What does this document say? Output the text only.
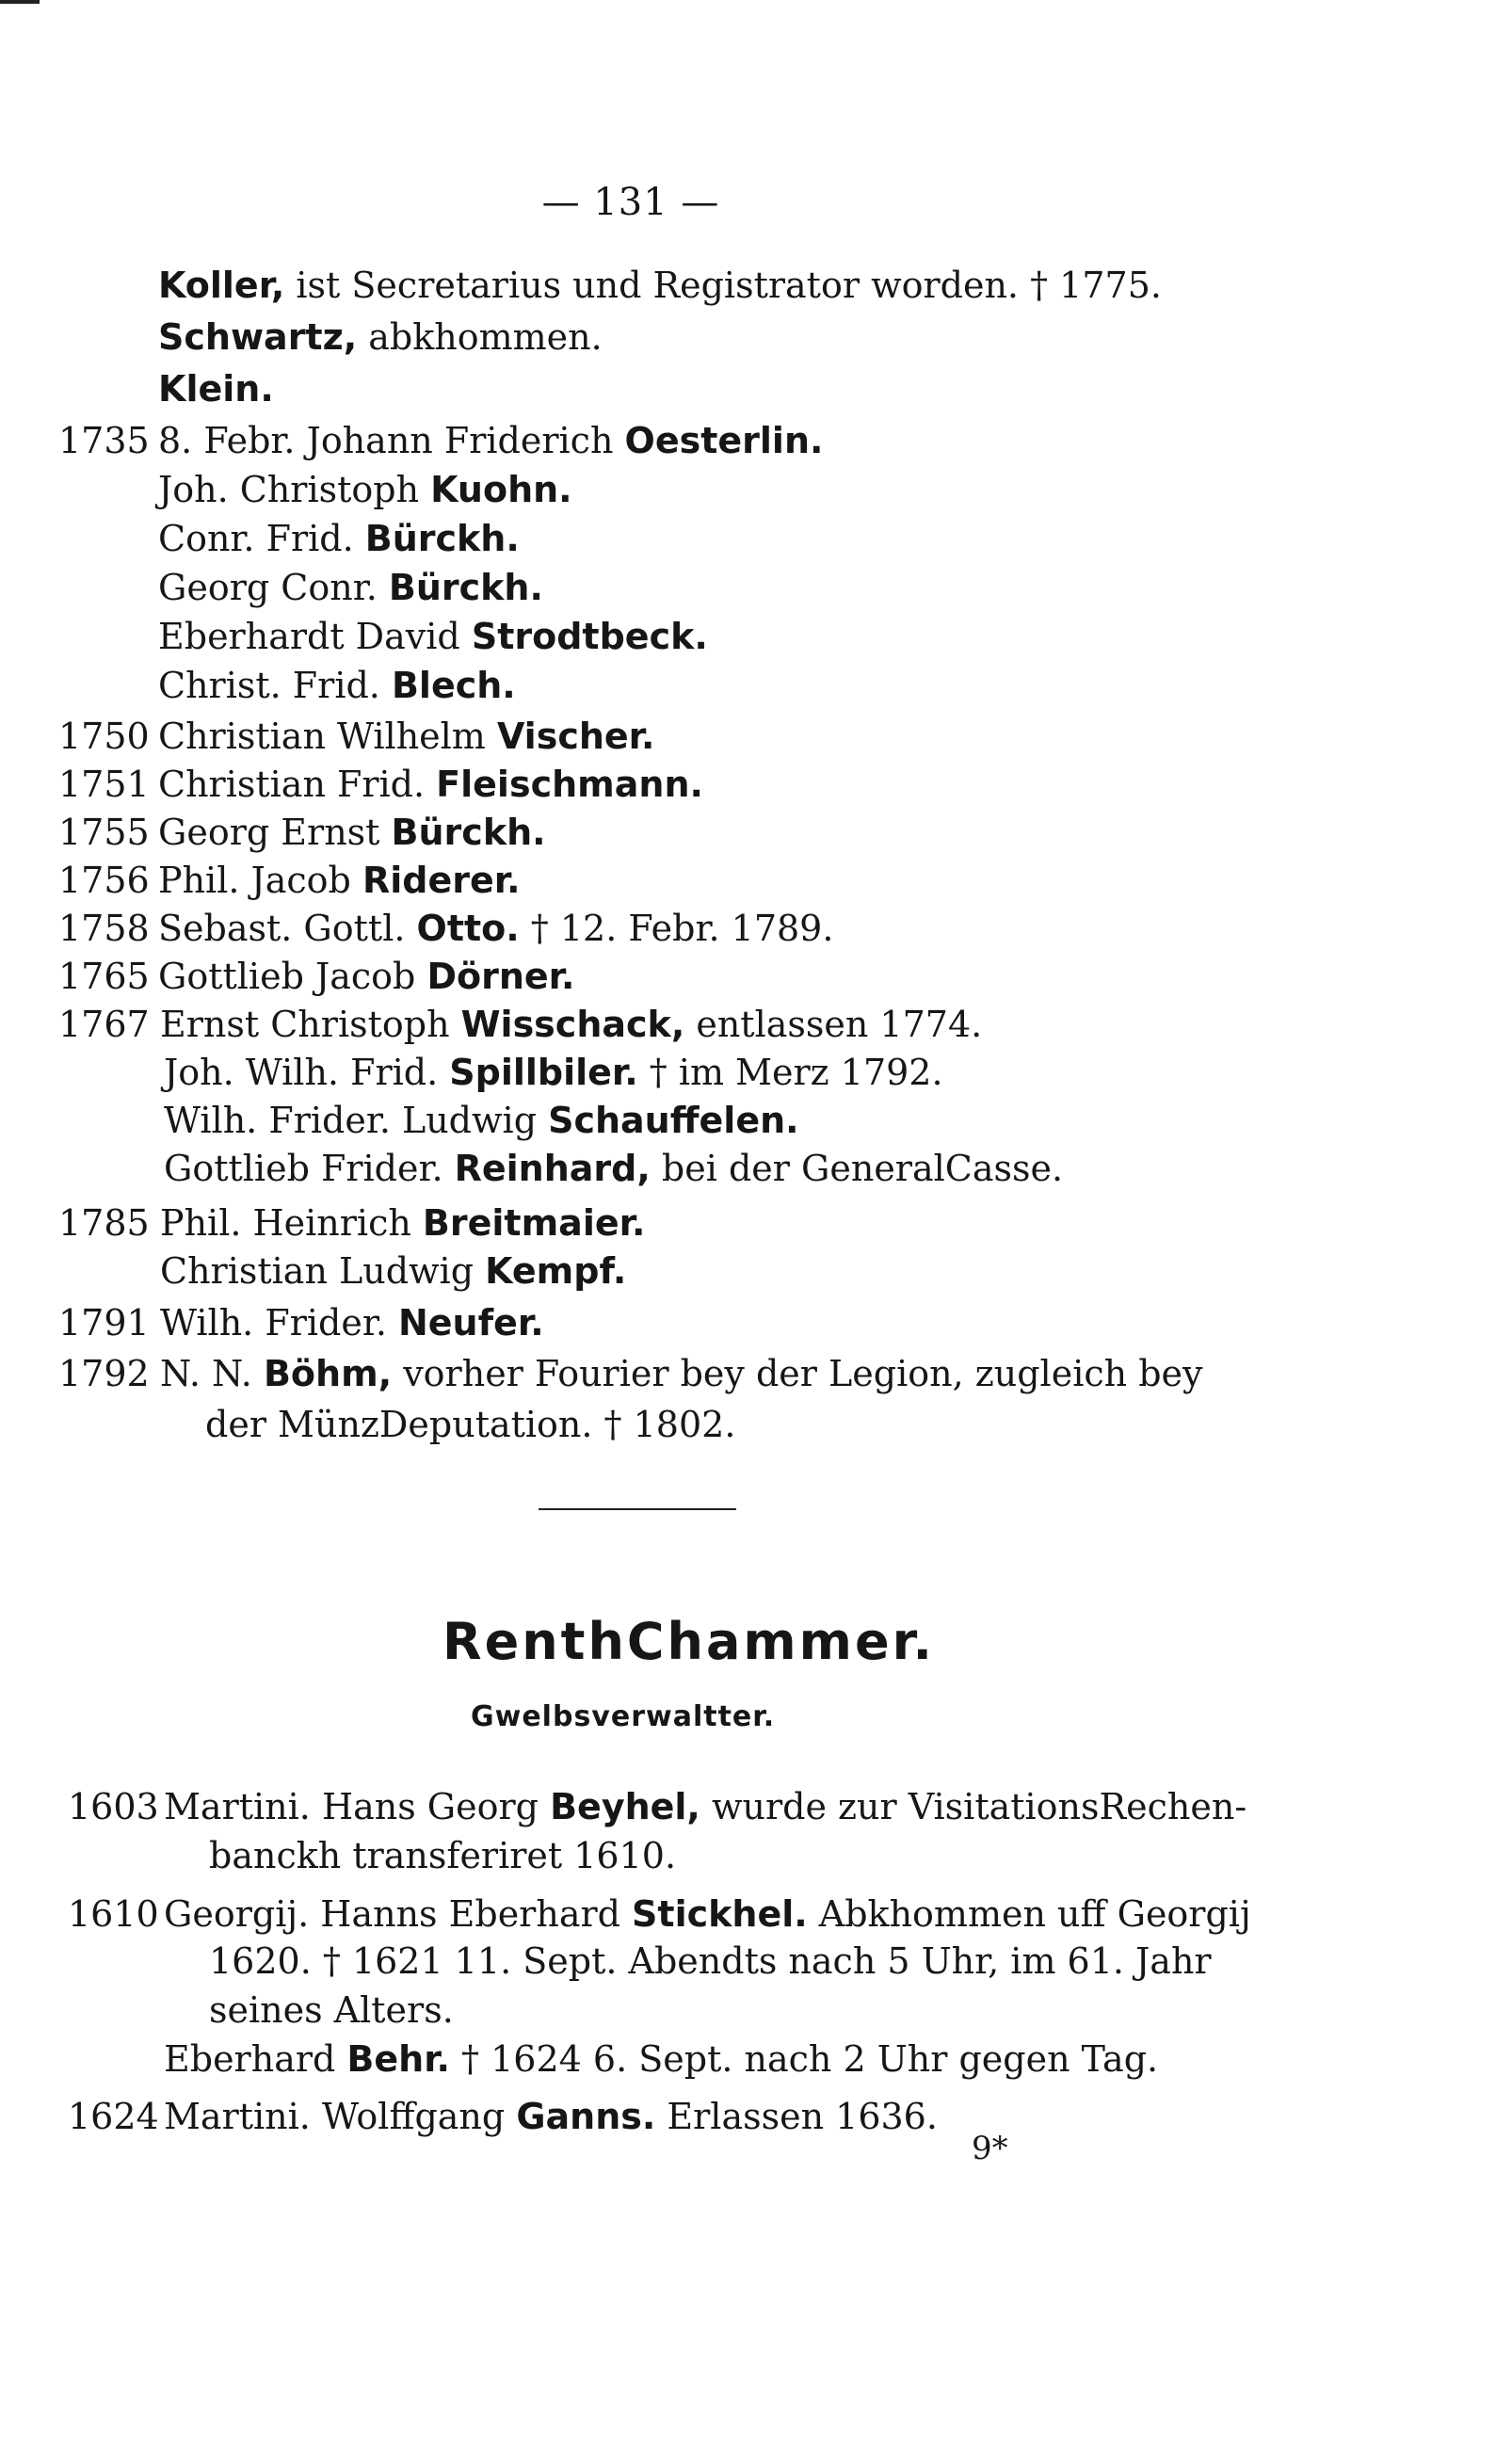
— 131 —
1735
1750
1751
1755
1756
1758
1765
1767
1785
1791
1792
Koller, ist Secretarius und Registrator worden. † 1775.
Schwartz, abkhommen.
Klein.
8. Febr. Johann Friderich Oesterlin.
Joh. Christoph Kuohn.
Conr. Frid. Bürckh.
Georg Conr. Bürckh.
Eberhardt David Strodtbeck.
Christ. Frid. Blech.
Christian Wilhelm Vischer.
Christian Frid. Fleischmann.
Georg Ernst Bürckh.
Phil. Jacob Riderer.
Sebast. Gottl. Otto. † 12. Febr. 1789.
Gottlieb Jacob Dörner.
Ernst Christoph Wisschack, entlassen 1774.
Joh. Wilh. Frid. Spillbiler. † im Merz 1792.
Wilh. Frider. Ludwig Schauffelen.
Gottlieb Frider. Reinhard, bei der GeneralCasse.
Phil. Heinrich Breitmaier.
Christian Ludwig Kempf.
Wilh. Frider. Neufer.
N. N. Böhm, vorher Fourier bey der Legion, zugleich bey
der MünzDeputation. † 1802.
RenthChammer.
Gwelbsverwaltter.
1603
1610
1624
Martini. Hans Georg Beyhel, wurde zur VisitationsRechen-
banckh transferiret 1610.
Georgij. Hanns Eberhard Stickhel. Abkhommen uff Georgij
1620. † 1621 11. Sept. Abendts nach 5 Uhr, im 61. Jahr
seines Alters.
Eberhard Behr. † 1624 6. Sept. nach 2 Uhr gegen Tag.
Martini. Wolffgang Ganns. Erlassen 1636.
9*
